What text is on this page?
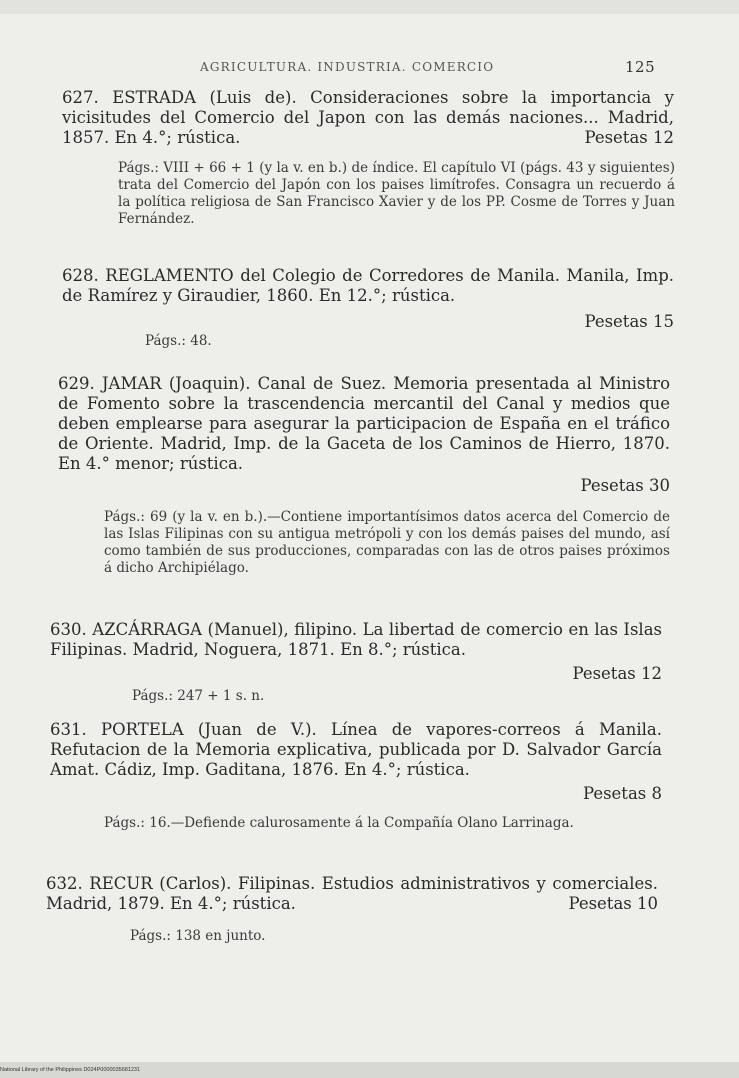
AGRICULTURA. INDUSTRIA. COMERCIO	125
627. ESTRADA (Luis de). Consideraciones sobre la importancia y vicisitudes del Comercio del Japon con las demás naciones... Madrid, 1857. En 4.°; rústica.	Pesetas 12
Págs.: VIII + 66 + 1 (y la v. en b.) de índice. El capítulo VI (págs. 43 y siguientes) trata del Comercio del Japón con los paises limítrofes. Consagra un recuerdo á la política religiosa de San Francisco Xavier y de los PP. Cosme de Torres y Juan Fernández.
628. REGLAMENTO del Colegio de Corredores de Manila. Manila, Imp. de Ramírez y Giraudier, 1860. En 12.°; rústica.
Pesetas 15
Págs.: 48.
629. JAMAR (Joaquin). Canal de Suez. Memoria presentada al Ministro de Fomento sobre la trascendencia mercantil del Canal y medios que deben emplearse para asegurar la participacion de España en el tráfico de Oriente. Madrid, Imp. de la Gaceta de los Caminos de Hierro, 1870. En 4.° menor; rústica.
Pesetas 30
Págs.: 69 (y la v. en b.).—Contiene importantísimos datos acerca del Comercio de las Islas Filipinas con su antigua metrópoli y con los demás paises del mundo, así como también de sus producciones, comparadas con las de otros paises próximos á dicho Archipiélago.
630. AZCÁRRAGA (Manuel), filipino. La libertad de comercio en las Islas Filipinas. Madrid, Noguera, 1871. En 8.°; rústica.
Pesetas 12
Págs.: 247 + 1 s. n.
631. PORTELA (Juan de V.). Línea de vapores-correos á Manila. Refutacion de la Memoria explicativa, publicada por D. Salvador García Amat. Cádiz, Imp. Gaditana, 1876. En 4.°; rústica.
Pesetas 8
Págs.: 16.—Defiende calurosamente á la Compañía Olano Larrinaga.
632. RECUR (Carlos). Filipinas. Estudios administrativos y comerciales. Madrid, 1879. En 4.°; rústica.	Pesetas 10
Págs.: 138 en junto.
National Library of the Philippines D024P0000035681231
